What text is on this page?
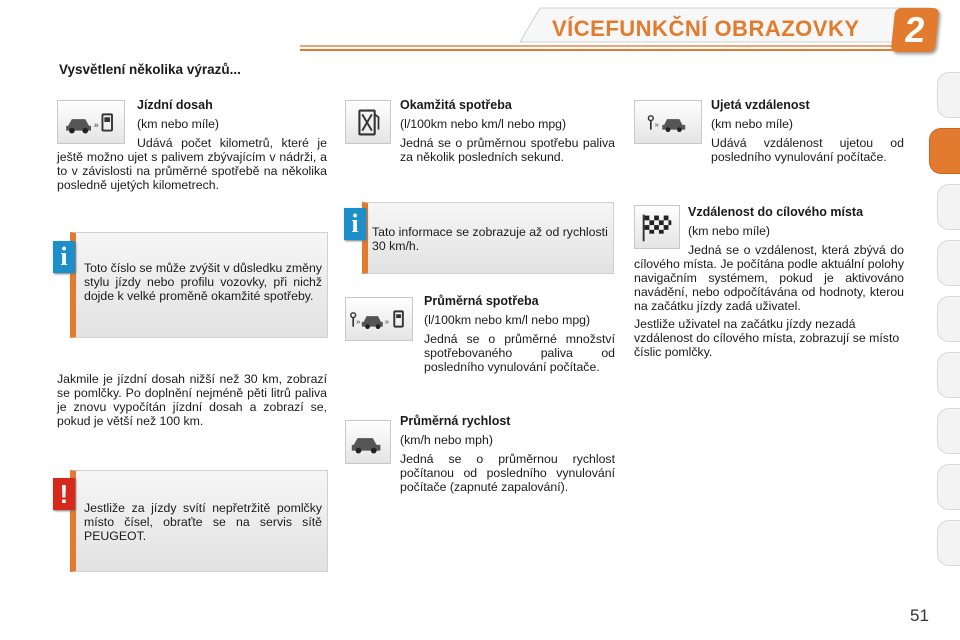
VÍCEFUNKČNÍ OBRAZOVKY	2
Vysvětlení několika výrazů...
»

Jízdní dosah

(km nebo míle)

Udává počet kilometrů, které je ještě možno ujet s palivem zbývajícím v nádrži, a to v závislosti na průměrné spotřebě na několika posledně ujetých kilometrech.

Toto číslo se může zvýšit v důsledku změny stylu jízdy nebo profilu vozovky, při nichž dojde k velké proměně okamžité spotřeby.
i
Jakmile je jízdní dosah nižší než 30 km, zobrazí se pomlčky. Po doplnění nejméně pěti litrů paliva je znovu vypočítán jízdní dosah a zobrazí se, pokud je větší než 100 km.
Jestliže za jízdy svítí nepřetržitě pomlčky místo čísel, obraťte se na servis sítě PEUGEOT.
!

Okamžitá spotřeba

(l/100km nebo km/l nebo mpg)

Jedná se o průměrnou spotřebu paliva za několik posledních sekund.

Tato informace se zobrazuje až od rychlosti 30 km/h.
i
»	»

Průměrná spotřeba

(l/100km nebo km/l nebo mpg)

Jedná se o průměrné množství spotřebovaného paliva od posledního vynulování počítače.

Průměrná rychlost

(km/h nebo mph)

Jedná se o průměrnou rychlost počítanou od posledního vynulování počítače (zapnuté zapalování).

»

Ujetá vzdálenost

(km nebo míle)

Udává vzdálenost ujetou od posledního vynulování počítače.

Vzdálenost do cílového místa

(km nebo míle)

Jedná se o vzdálenost, která zbývá do cílového místa. Je počítána podle aktuální polohy navigačním systémem, pokud je aktivováno navádění, nebo odpočítávána od hodnoty, kterou na začátku jízdy zadá uživatel.

Jestliže uživatel na začátku jízdy nezadá vzdálenost do cílového místa, zobrazují se místo číslic pomlčky.

51
